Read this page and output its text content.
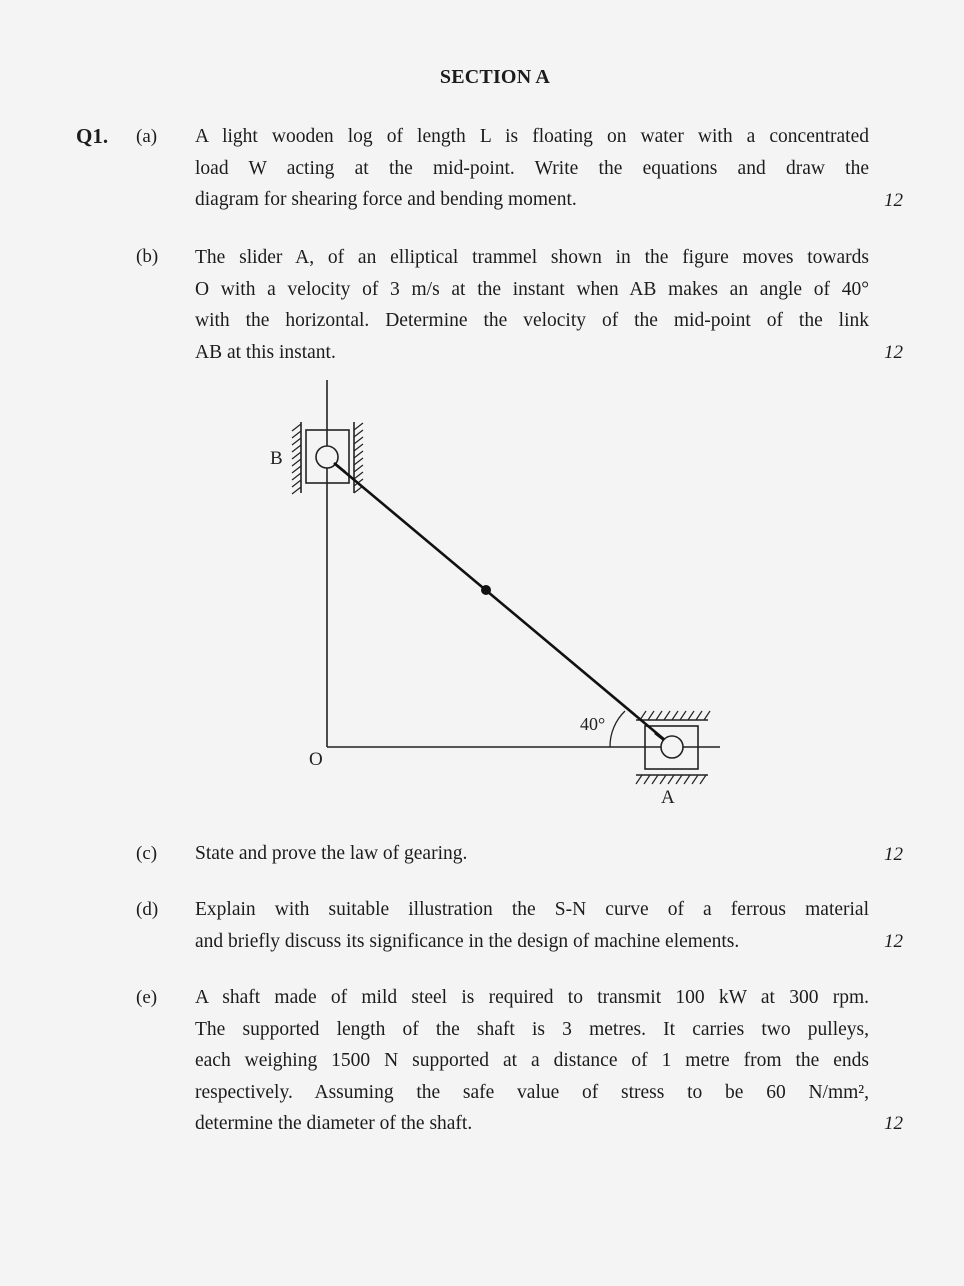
SECTION A
Q1. (a) A light wooden log of length L is floating on water with a concentrated
load W acting at the mid-point. Write the equations and draw the
diagram for shearing force and bending moment.	12
(b) The slider A, of an elliptical trammel shown in the figure moves towards
O with a velocity of 3 m/s at the instant when AB makes an angle of 40°
with the horizontal. Determine the velocity of the mid-point of the link
AB at this instant.	12
B
A
O
40°
(c) State and prove the law of gearing.	12
(d) Explain with suitable illustration the S-N curve of a ferrous material
and briefly discuss its significance in the design of machine elements.	12
(e) A shaft made of mild steel is required to transmit 100 kW at 300 rpm.
The supported length of the shaft is 3 metres. It carries two pulleys,
each weighing 1500 N supported at a distance of 1 metre from the ends
respectively. Assuming the safe value of stress to be 60 N/mm²,
determine the diameter of the shaft.	12
